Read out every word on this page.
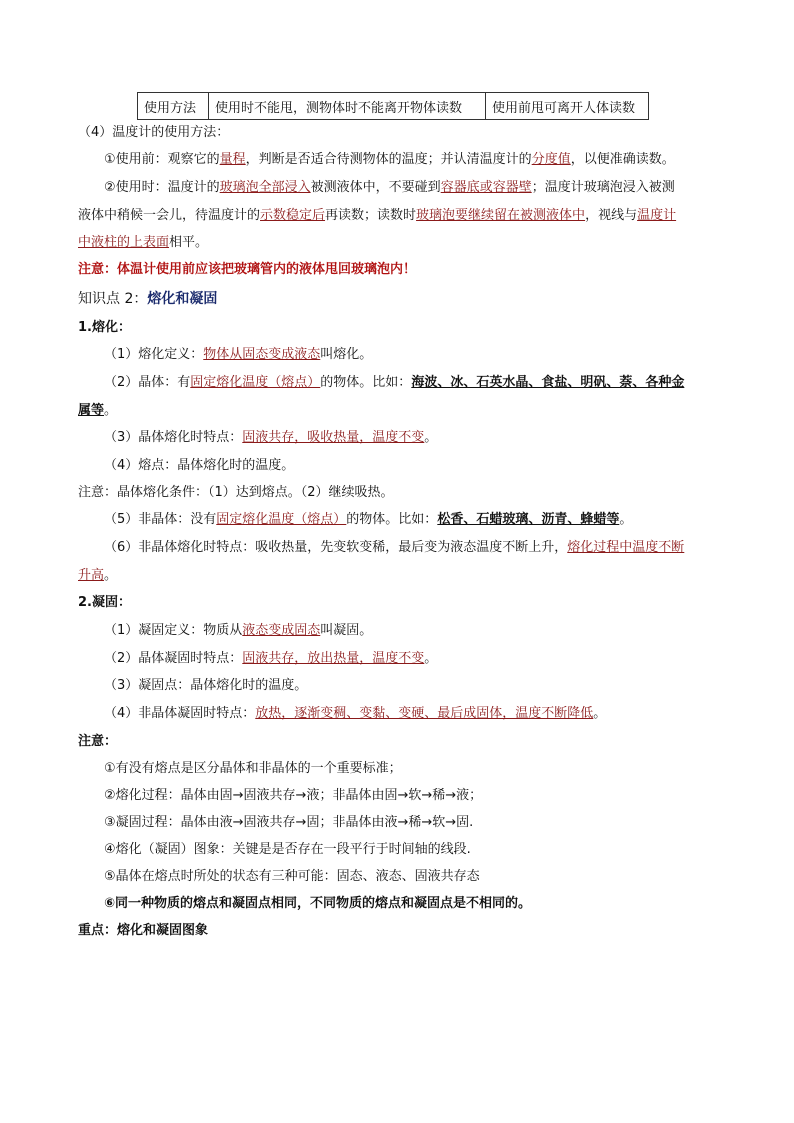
使用方法	使用时不能甩，测物体时不能离开物体读数	使用前甩可离开人体读数
（4）温度计的使用方法：
①使用前：观察它的量程，判断是否适合待测物体的温度；并认清温度计的分度值，以便准确读数。
②使用时：温度计的玻璃泡全部浸入被测液体中，不要碰到容器底或容器壁；温度计玻璃泡浸入被测
液体中稍候一会儿，待温度计的示数稳定后再读数；读数时玻璃泡要继续留在被测液体中，视线与温度计
中液柱的上表面相平。
注意：体温计使用前应该把玻璃管内的液体甩回玻璃泡内！
知识点 2：熔化和凝固
1.熔化：
（1）熔化定义：物体从固态变成液态叫熔化。
（2）晶体：有固定熔化温度（熔点）的物体。比如：海波、冰、石英水晶、食盐、明矾、萘、各种金
属等。
（3）晶体熔化时特点：固液共存，吸收热量，温度不变。
（4）熔点：晶体熔化时的温度。
注意：晶体熔化条件：（1）达到熔点。（2）继续吸热。
（5）非晶体：没有固定熔化温度（熔点）的物体。比如：松香、石蜡玻璃、沥青、蜂蜡等。
（6）非晶体熔化时特点：吸收热量，先变软变稀，最后变为液态温度不断上升，熔化过程中温度不断
升高。
2.凝固：
（1）凝固定义：物质从液态变成固态叫凝固。
（2）晶体凝固时特点：固液共存，放出热量，温度不变。
（3）凝固点：晶体熔化时的温度。
（4）非晶体凝固时特点：放热，逐渐变稠、变黏、变硬、最后成固体，温度不断降低。
注意：
①有没有熔点是区分晶体和非晶体的一个重要标准；
②熔化过程：晶体由固→固液共存→液；非晶体由固→软→稀→液；
③凝固过程：晶体由液→固液共存→固；非晶体由液→稀→软→固.
④熔化（凝固）图象：关键是是否存在一段平行于时间轴的线段.
⑤晶体在熔点时所处的状态有三种可能：固态、液态、固液共存态
⑥同一种物质的熔点和凝固点相同，不同物质的熔点和凝固点是不相同的。
重点：熔化和凝固图象
